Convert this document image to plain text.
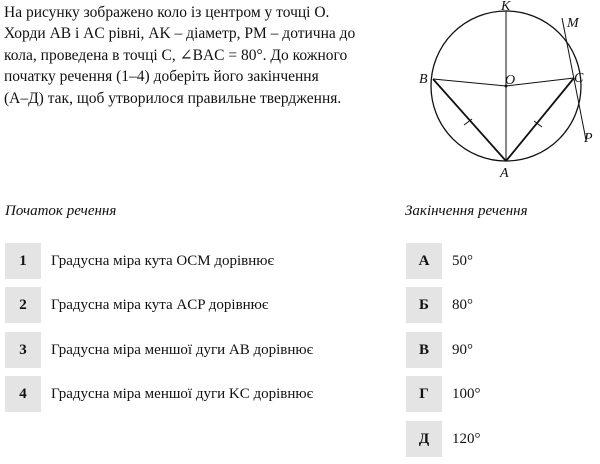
На рисунку зображено коло із центром у точці O.
Хорди AB і AC рівні, AK – діаметр, PM – дотична до
кола, проведена в точці C, ∠BAC = 80°. До кожного
початку речення (1–4) доберіть його закінчення
(А–Д) так, щоб утворилося правильне твердження.
K
M
B	O	C
P
A
Початок речення	Закінчення речення
1	Градусна міра кута OCM дорівнює
2	Градусна міра кута ACP дорівнює
3	Градусна міра меншої дуги AB дорівнює
4	Градусна міра меншої дуги KC дорівнює
А	50°
Б	80°
В	90°
Г	100°
Д	120°
